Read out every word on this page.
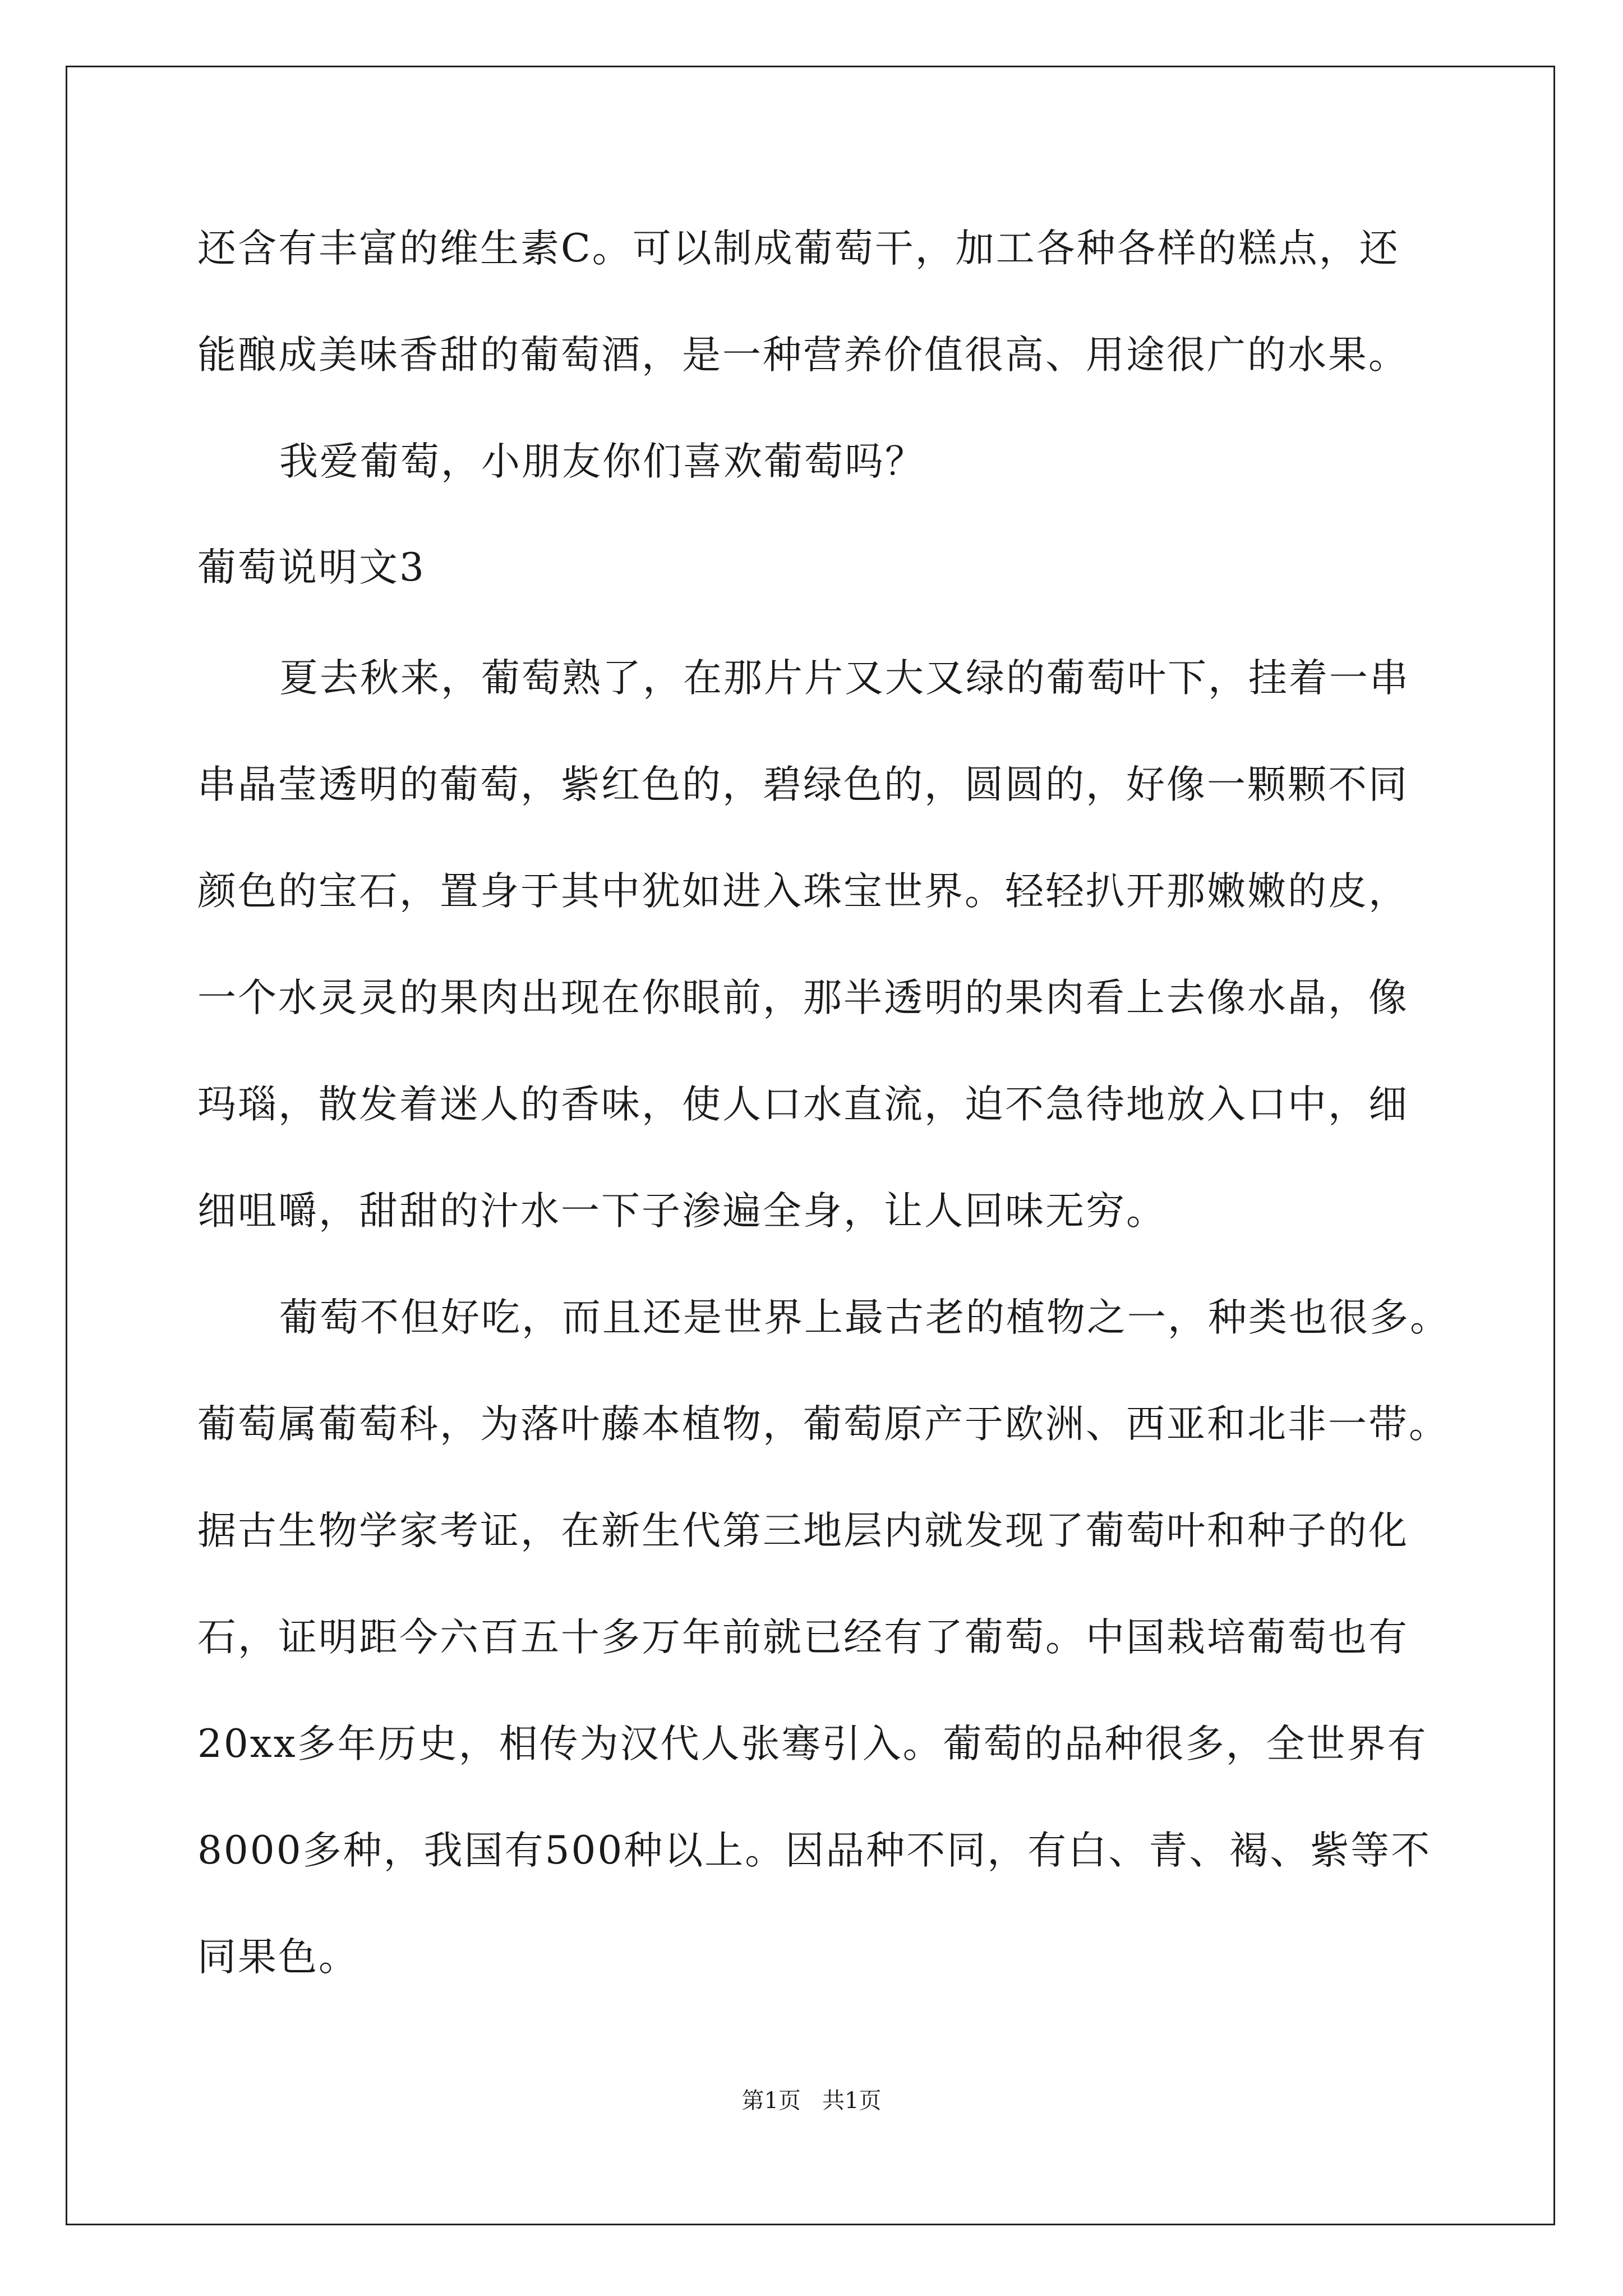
还含有丰富的维生素C。可以制成葡萄干，加工各种各样的糕点，还
能酿成美味香甜的葡萄酒，是一种营养价值很高、用途很广的水果。
我爱葡萄，小朋友你们喜欢葡萄吗？
葡萄说明文3
夏去秋来，葡萄熟了，在那片片又大又绿的葡萄叶下，挂着一串
串晶莹透明的葡萄，紫红色的，碧绿色的，圆圆的，好像一颗颗不同
颜色的宝石，置身于其中犹如进入珠宝世界。轻轻扒开那嫩嫩的皮，
一个水灵灵的果肉出现在你眼前，那半透明的果肉看上去像水晶，像
玛瑙，散发着迷人的香味，使人口水直流，迫不急待地放入口中，细
细咀嚼，甜甜的汁水一下子渗遍全身，让人回味无穷。
葡萄不但好吃，而且还是世界上最古老的植物之一，种类也很多。
葡萄属葡萄科，为落叶藤本植物，葡萄原产于欧洲、西亚和北非一带。
据古生物学家考证，在新生代第三地层内就发现了葡萄叶和种子的化
石，证明距今六百五十多万年前就已经有了葡萄。中国栽培葡萄也有
20xx多年历史，相传为汉代人张骞引入。葡萄的品种很多，全世界有
8000多种，我国有500种以上。因品种不同，有白、青、褐、紫等不
同果色。
第1页   共1页
